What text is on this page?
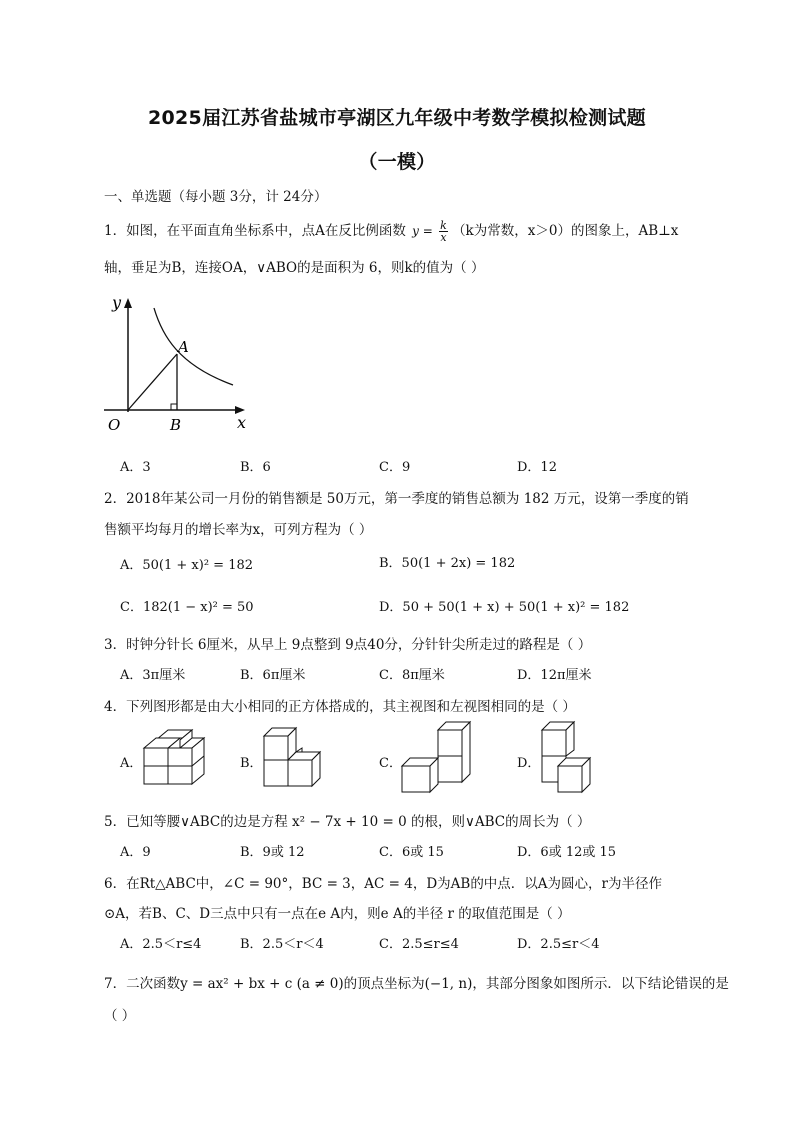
2025届江苏省盐城市亭湖区九年级中考数学模拟检测试题
（一模）
一、单选题（每小题 3分，计 24分）
1．如图，在平面直角坐标系中，点A在反比例函数 $y = \frac{k}{x} (k$为常数，x＞0）的图象上，AB⊥x
轴，垂足为B，连接OA，∨ABO的是面积为 6，则k的值为（ ）
y
x
A
O	B
A．3	B．6	C．9	D．12
2．2018年某公司一月份的销售额是 50万元，第一季度的销售总额为 182 万元，设第一季度的销
售额平均每月的增长率为x，可列方程为（ ）
A．50(1 + x)² = 182	B．50(1 + 2x) = 182
C．182(1 − x)² = 50	D．50 + 50(1 + x) + 50(1 + x)² = 182
3．时钟分针长 6厘米，从早上 9点整到 9点40分，分针针尖所走过的路程是（ ）
A．3π厘米	B．6π厘米	C．8π厘米	D．12π厘米
4．下列图形都是由大小相同的正方体搭成的，其主视图和左视图相同的是（ ）
A．	B．	C．	D．
5．已知等腰∨ABC的边是方程 x² − 7x + 10 = 0 的根，则∨ABC的周长为（ ）
A．9	B．9或 12	C．6或 15	D．6或 12或 15
6．在Rt△ABC中，∠C = 90°，BC = 3，AC = 4，D为AB的中点．以A为圆心，r为半径作
⊙A，若B、C、D三点中只有一点在e A内，则e A的半径 r 的取值范围是（ ）
A．2.5＜r≤4	B．2.5＜r＜4	C．2.5≤r≤4	D．2.5≤r＜4
7．二次函数y = ax² + bx + c (a ≠ 0)的顶点坐标为(−1, n)，其部分图象如图所示．以下结论错误的是
（ ）
